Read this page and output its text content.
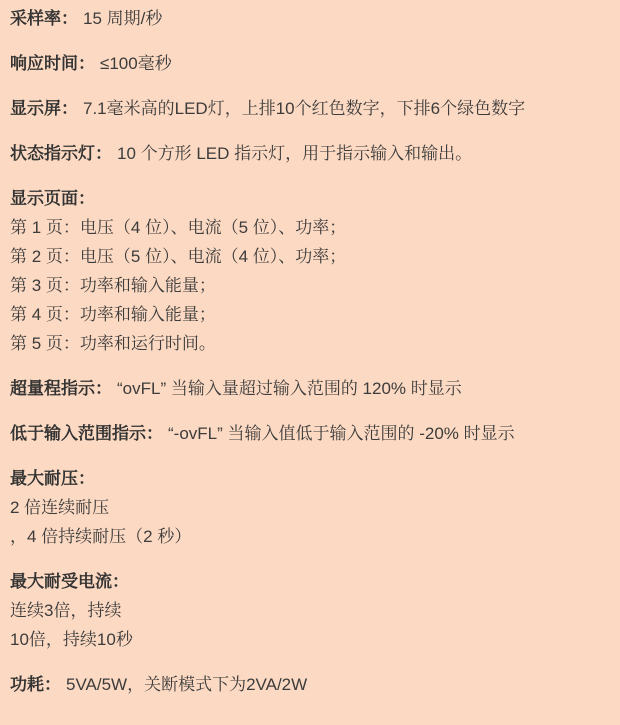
采样率： 15 周期/秒
响应时间： ≤100毫秒
显示屏： 7.1毫米高的LED灯，上排10个红色数字，下排6个绿色数字
状态指示灯： 10 个方形 LED 指示灯，用于指示输入和输出。
显示页面：
第 1 页：电压（4 位）、电流（5 位）、功率；
第 2 页：电压（5 位）、电流（4 位）、功率；
第 3 页：功率和输入能量；
第 4 页：功率和输入能量；
第 5 页：功率和运行时间。
超量程指示： “ovFL” 当输入量超过输入范围的 120% 时显示
低于输入范围指示： “-ovFL” 当输入值低于输入范围的 -20% 时显示
最大耐压：
2 倍连续耐压
，4 倍持续耐压（2 秒）
最大耐受电流：
连续3倍，持续
10倍，持续10秒
功耗： 5VA/5W，关断模式下为2VA/2W
